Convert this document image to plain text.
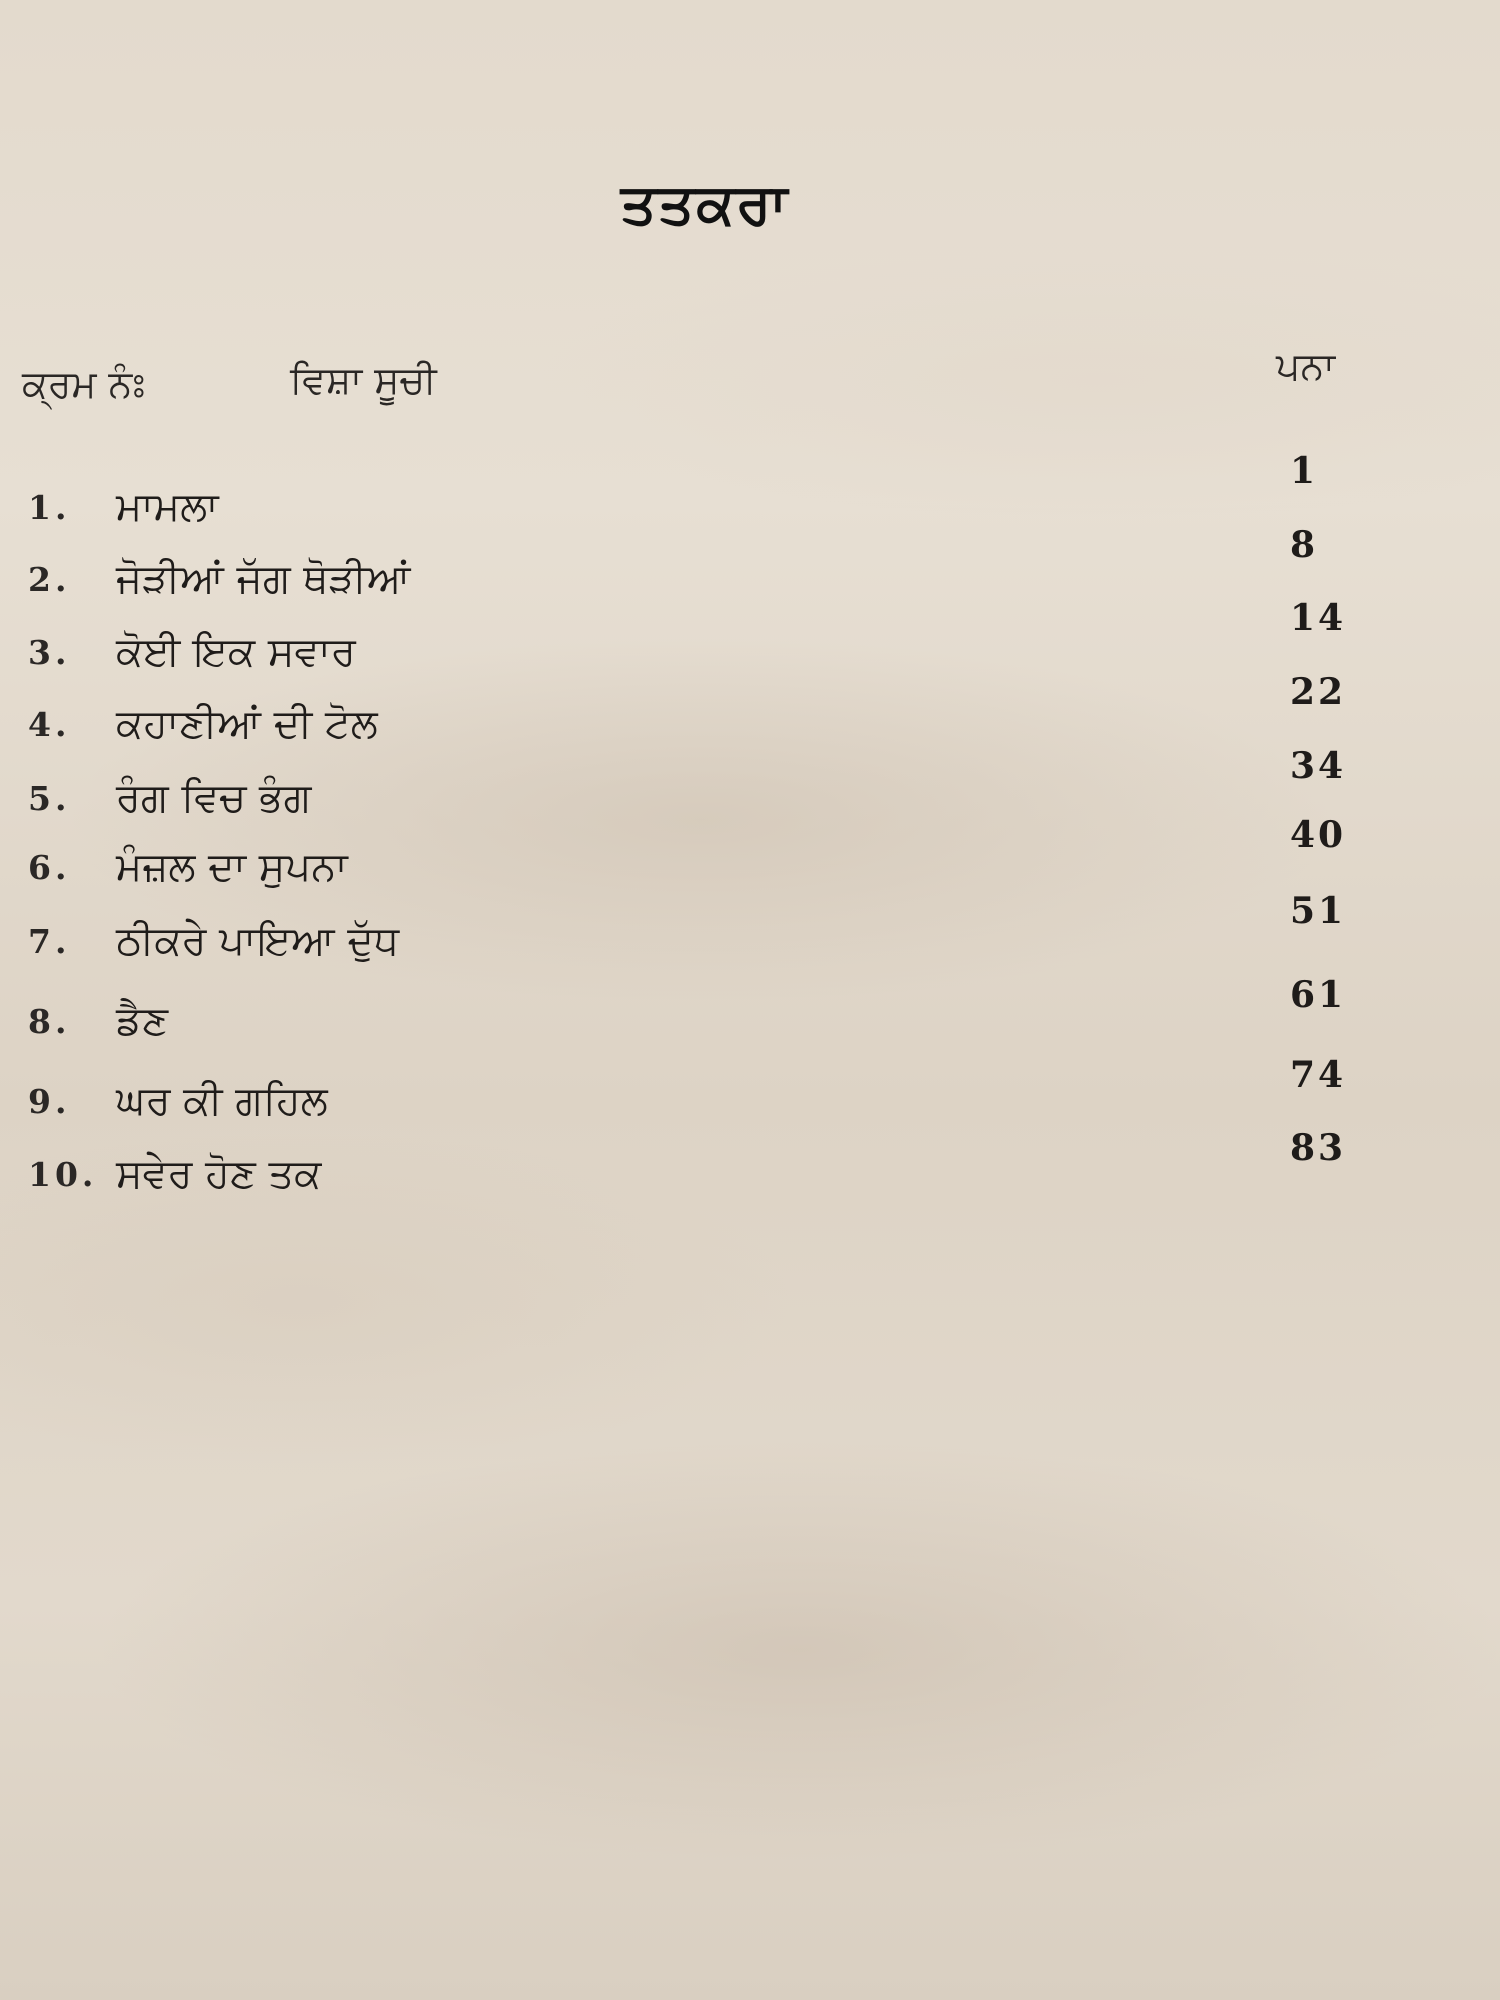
ਤਤਕਰਾ
ਕ੍ਰਮ ਨੰਃ	ਵਿਸ਼ਾ ਸੂਚੀ	ਪਨਾ
1. ਮਾਮਲਾ
1
2. ਜੋੜੀਆਂ ਜੱਗ ਥੋੜੀਆਂ
8
3. ਕੋਈ ਇਕ ਸਵਾਰ
14
4. ਕਹਾਣੀਆਂ ਦੀ ਟੋਲ
22
5. ਰੰਗ ਵਿਚ ਭੰਗ
34
6. ਮੰਜ਼ਲ ਦਾ ਸੁਪਨਾ
40
7. ਠੀਕਰੇ ਪਾਇਆ ਦੁੱਧ
51
8. ਡੈਣ
61
9. ਘਰ ਕੀ ਗਹਿਲ
74
10. ਸਵੇਰ ਹੋਣ ਤਕ
83
